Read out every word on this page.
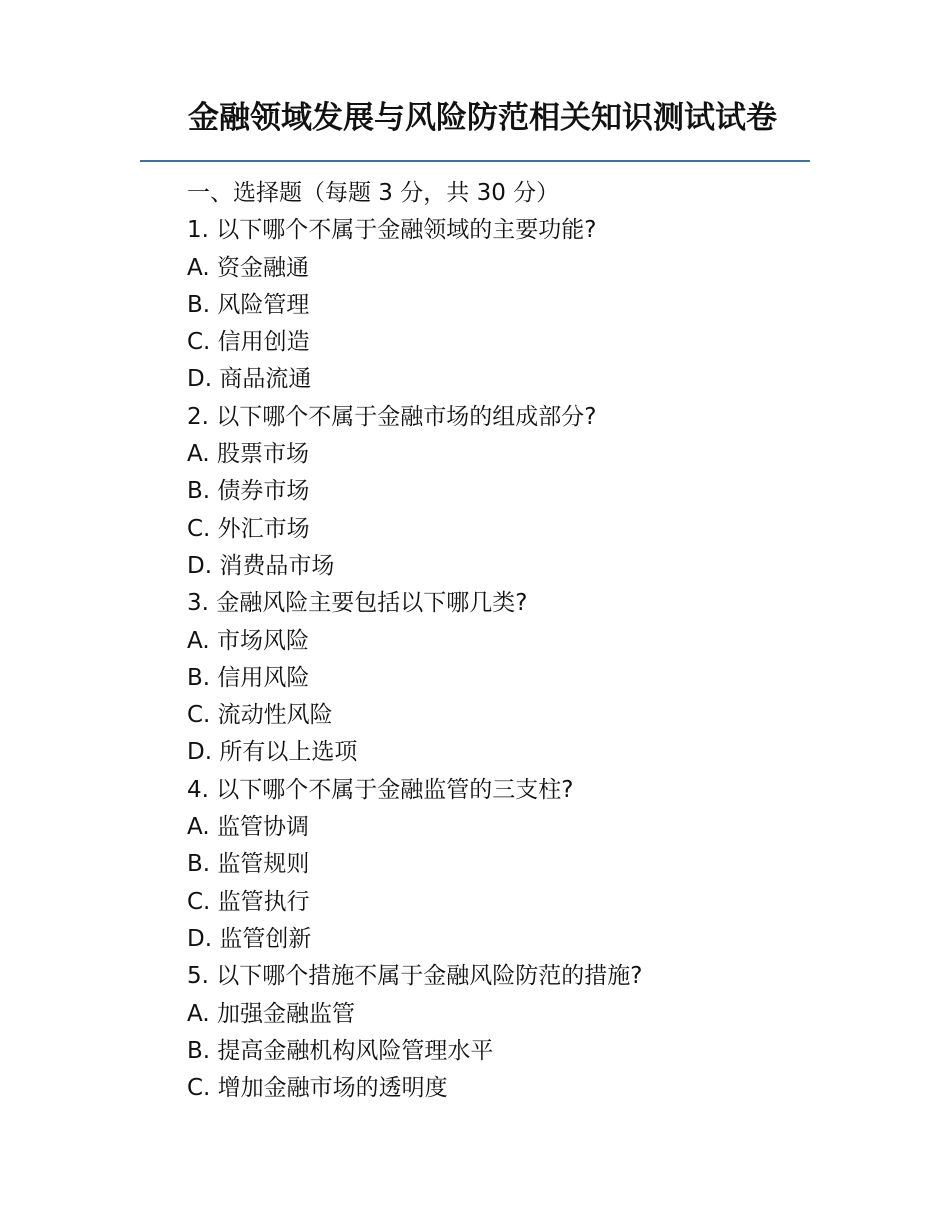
金融领域发展与风险防范相关知识测试试卷
一、选择题（每题 3 分，共 30 分）
1. 以下哪个不属于金融领域的主要功能?
A. 资金融通
B. 风险管理
C. 信用创造
D. 商品流通
2. 以下哪个不属于金融市场的组成部分?
A. 股票市场
B. 债券市场
C. 外汇市场
D. 消费品市场
3. 金融风险主要包括以下哪几类?
A. 市场风险
B. 信用风险
C. 流动性风险
D. 所有以上选项
4. 以下哪个不属于金融监管的三支柱?
A. 监管协调
B. 监管规则
C. 监管执行
D. 监管创新
5. 以下哪个措施不属于金融风险防范的措施?
A. 加强金融监管
B. 提高金融机构风险管理水平
C. 增加金融市场的透明度
